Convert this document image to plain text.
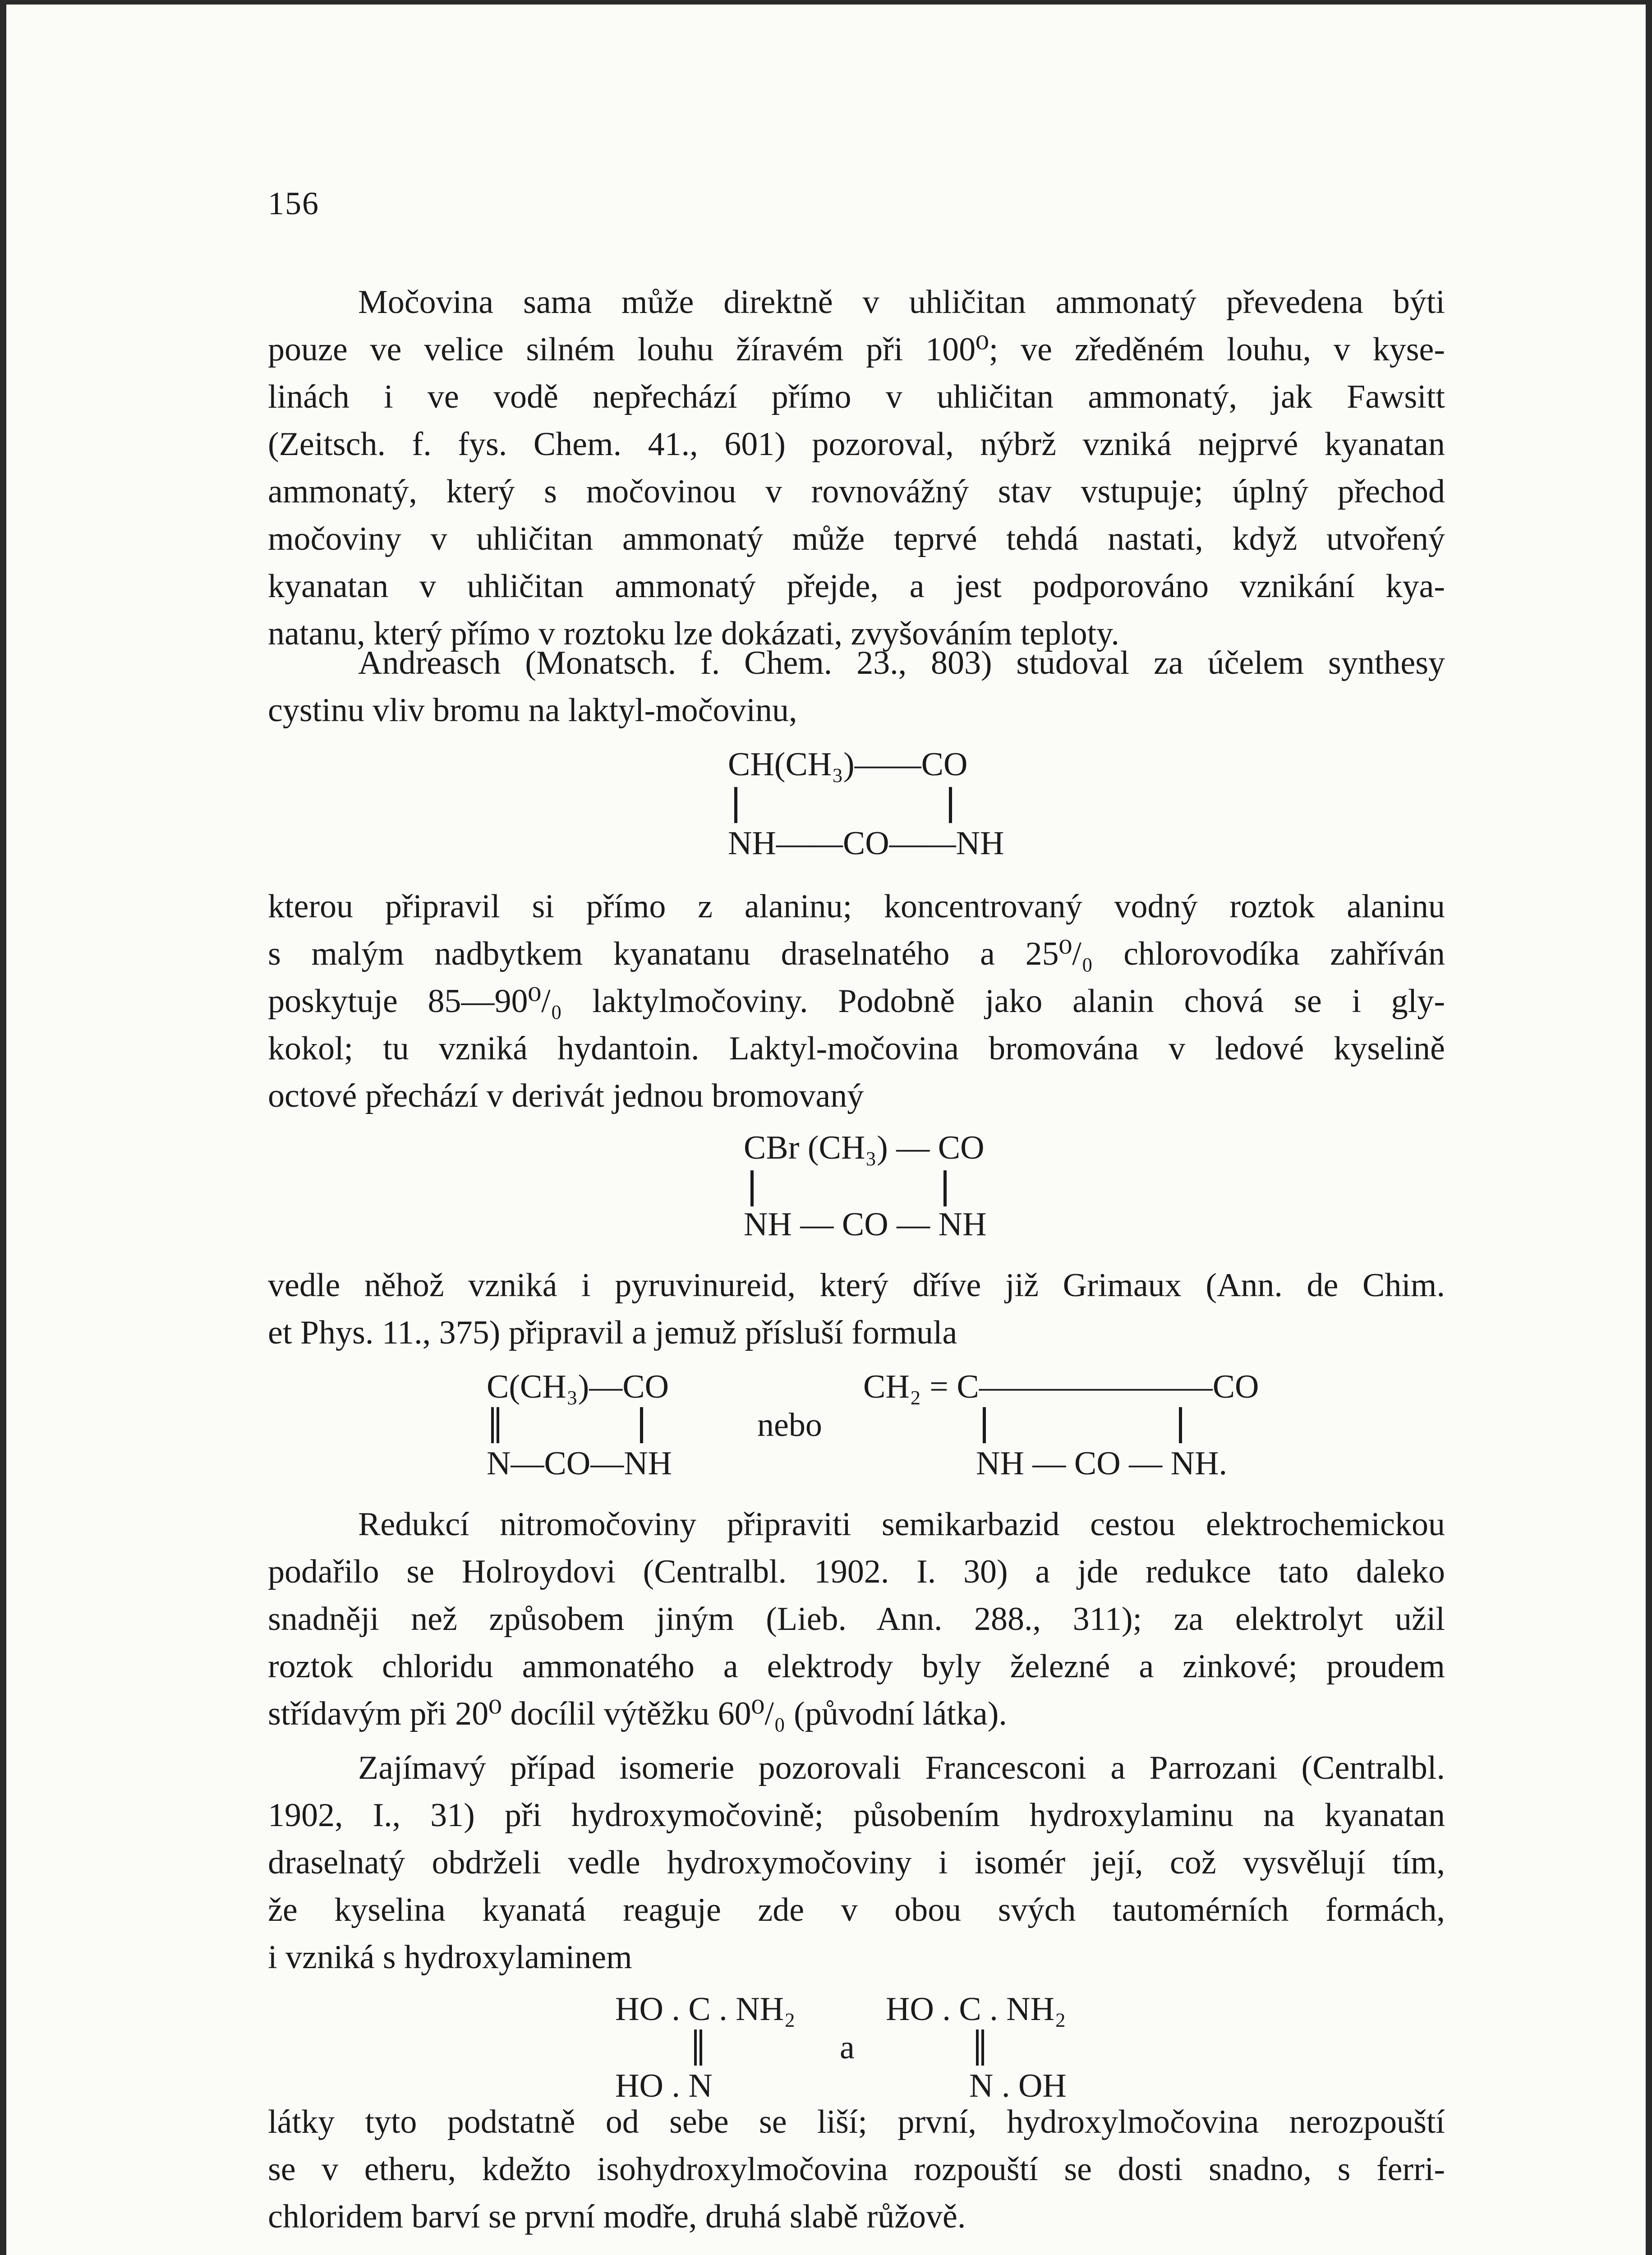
156
Močovina sama může direktně v uhličitan ammonatý převedena býti
pouze ve velice silném louhu žíravém při 100⁰; ve zředěném louhu, v kyse-
linách i ve vodě nepřechází přímo v uhličitan ammonatý, jak Fawsitt
(Zeitsch. f. fys. Chem. 41., 601) pozoroval, nýbrž vzniká nejprvé kyanatan
ammonatý, který s močovinou v rovnovážný stav vstupuje; úplný přechod
močoviny v uhličitan ammonatý může teprvé tehdá nastati, když utvořený
kyanatan v uhličitan ammonatý přejde, a jest podporováno vznikání kya-
natanu, který přímo v roztoku lze dokázati, zvyšováním teploty.
Andreasch (Monatsch. f. Chem. 23., 803) studoval za účelem synthesy
cystinu vliv bromu na laktyl-močovinu,
CH(CH₃)——CO
NH——CO——NH
kterou připravil si přímo z alaninu; koncentrovaný vodný roztok alaninu
s malým nadbytkem kyanatanu draselnatého a 25⁰/₀ chlorovodíka zahříván
poskytuje 85—90⁰/₀ laktylmočoviny. Podobně jako alanin chová se i gly-
kokol; tu vzniká hydantoin. Laktyl-močovina bromována v ledové kyselině
octové přechází v derivát jednou bromovaný
CBr (CH₃) — CO
NH — CO — NH
vedle něhož vzniká i pyruvinureid, který dříve již Grimaux (Ann. de Chim.
et Phys. 11., 375) připravil a jemuž přísluší formula
C(CH₃)—CO
N—CO—NH
nebo
CH₂ = C———————CO
NH — CO — NH.
Redukcí nitromočoviny připraviti semikarbazid cestou elektrochemickou
podařilo se Holroydovi (Centralbl. 1902. I. 30) a jde redukce tato daleko
snadněji než způsobem jiným (Lieb. Ann. 288., 311); za elektrolyt užil
roztok chloridu ammonatého a elektrody byly železné a zinkové; proudem
střídavým při 20⁰ docílil výtěžku 60⁰/₀ (původní látka).
Zajímavý případ isomerie pozorovali Francesconi a Parrozani (Centralbl.
1902, I., 31) při hydroxymočovině; působením hydroxylaminu na kyanatan
draselnatý obdrželi vedle hydroxymočoviny i isomér její, což vysvělují tím,
že kyselina kyanatá reaguje zde v obou svých tautomérních formách,
i vzniká s hydroxylaminem
HO . C . NH₂
HO . N
a
HO . C . NH₂
N . OH
látky tyto podstatně od sebe se liší; první, hydroxylmočovina nerozpouští
se v etheru, kdežto isohydroxylmočovina rozpouští se dosti snadno, s ferri-
chloridem barví se první modře, druhá slabě růžově.
